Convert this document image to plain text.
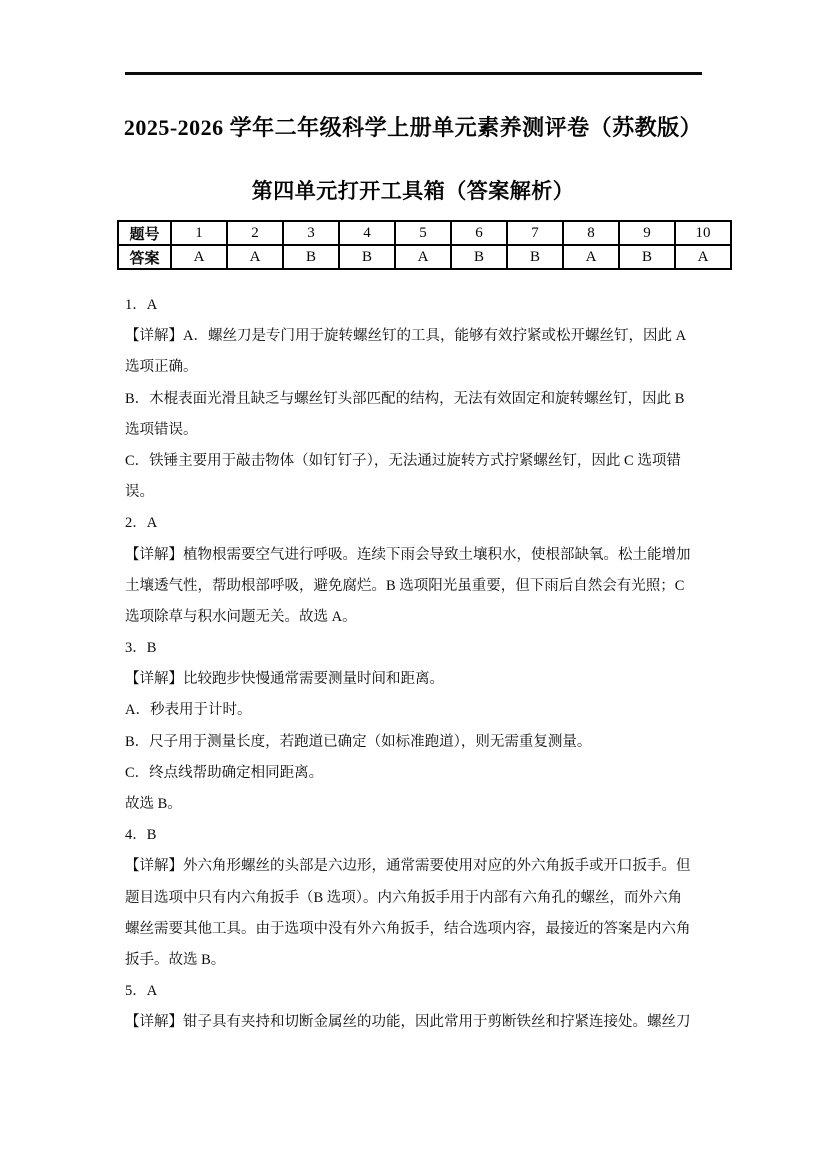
2025-2026 学年二年级科学上册单元素养测评卷（苏教版）
第四单元打开工具箱（答案解析）
题号	1	2	3	4	5	6	7	8	9	10
答案	A	A	B	B	A	B	B	A	B	A
1．A
【详解】A．螺丝刀是专门用于旋转螺丝钉的工具，能够有效拧紧或松开螺丝钉，因此 A
选项正确。
B．木棍表面光滑且缺乏与螺丝钉头部匹配的结构，无法有效固定和旋转螺丝钉，因此 B
选项错误。
C．铁锤主要用于敲击物体（如钉钉子），无法通过旋转方式拧紧螺丝钉，因此 C 选项错
误。
2．A
【详解】植物根需要空气进行呼吸。连续下雨会导致土壤积水，使根部缺氧。松土能增加
土壤透气性，帮助根部呼吸，避免腐烂。B 选项阳光虽重要，但下雨后自然会有光照；C
选项除草与积水问题无关。故选 A。
3．B
【详解】比较跑步快慢通常需要测量时间和距离。
A．秒表用于计时。
B．尺子用于测量长度，若跑道已确定（如标准跑道），则无需重复测量。
C．终点线帮助确定相同距离。
故选 B。
4．B
【详解】外六角形螺丝的头部是六边形，通常需要使用对应的外六角扳手或开口扳手。但
题目选项中只有内六角扳手（B 选项）。内六角扳手用于内部有六角孔的螺丝，而外六角
螺丝需要其他工具。由于选项中没有外六角扳手，结合选项内容，最接近的答案是内六角
扳手。故选 B。
5．A
【详解】钳子具有夹持和切断金属丝的功能，因此常用于剪断铁丝和拧紧连接处。螺丝刀
